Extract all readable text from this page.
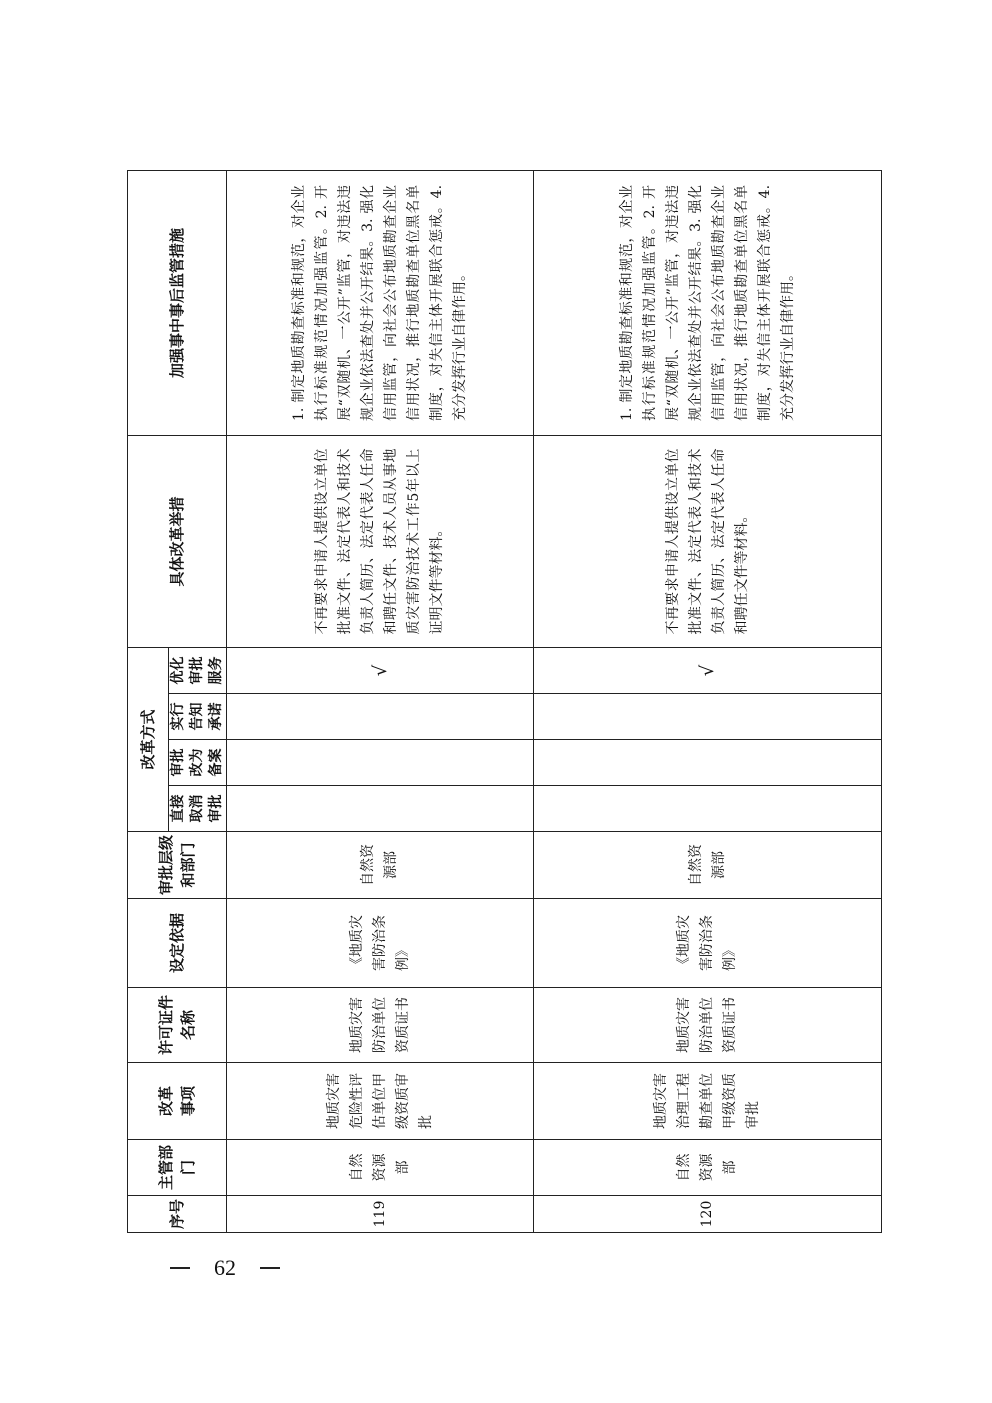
序号	主管部门	改革事项	许可证件名称	设定依据	审批层级和部门	改革方式				具体改革举措	加强事中事后监管措施
						直接取消审批	审批改为备案	实行告知承诺	优化审批服务		
119	自然资源部	地质灾害危险性评估单位甲级资质审批	地质灾害防治单位资质证书	《地质灾害防治条例》	自然资源部				√	不再要求申请人提供设立单位批准文件、法定代表人和技术负责人简历、法定代表人任命和聘任文件、技术人员从事地质灾害防治技术工作5年以上证明文件等材料。	1. 制定地质勘查标准和规范，对企业执行标准规范情况加强监管。2. 开展“双随机、一公开”监管，对违法违规企业依法查处并公开结果。3. 强化信用监管，向社会公布地质勘查企业信用状况，推行地质勘查单位黑名单制度，对失信主体开展联合惩戒。4. 充分发挥行业自律作用。
120	自然资源部	地质灾害治理工程勘查单位甲级资质审批	地质灾害防治单位资质证书	《地质灾害防治条例》	自然资源部				√	不再要求申请人提供设立单位批准文件、法定代表人和技术负责人简历、法定代表人任命和聘任文件等材料。	1. 制定地质勘查标准和规范，对企业执行标准规范情况加强监管。2. 开展“双随机、一公开”监管，对违法违规企业依法查处并公开结果。3. 强化信用监管，向社会公布地质勘查企业信用状况，推行地质勘查单位黑名单制度，对失信主体开展联合惩戒。4. 充分发挥行业自律作用。
62
